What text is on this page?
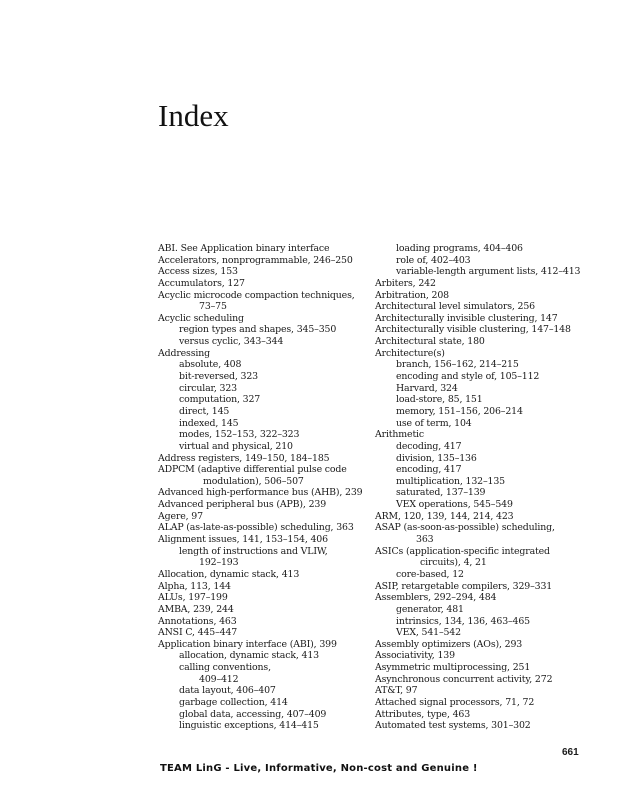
Index
ABI. See Application binary interface
Accelerators, nonprogrammable, 246–250
Access sizes, 153
Accumulators, 127
Acyclic microcode compaction techniques,
73–75
Acyclic scheduling
region types and shapes, 345–350
versus cyclic, 343–344
Addressing
absolute, 408
bit-reversed, 323
circular, 323
computation, 327
direct, 145
indexed, 145
modes, 152–153, 322–323
virtual and physical, 210
Address registers, 149–150, 184–185
ADPCM (adaptive differential pulse code
modulation), 506–507
Advanced high-performance bus (AHB), 239
Advanced peripheral bus (APB), 239
Agere, 97
ALAP (as-late-as-possible) scheduling, 363
Alignment issues, 141, 153–154, 406
length of instructions and VLIW,
192–193
Allocation, dynamic stack, 413
Alpha, 113, 144
ALUs, 197–199
AMBA, 239, 244
Annotations, 463
ANSI C, 445–447
Application binary interface (ABI), 399
allocation, dynamic stack, 413
calling conventions,
409–412
data layout, 406–407
garbage collection, 414
global data, accessing, 407–409
linguistic exceptions, 414–415
loading programs, 404–406
role of, 402–403
variable-length argument lists, 412–413
Arbiters, 242
Arbitration, 208
Architectural level simulators, 256
Architecturally invisible clustering, 147
Architecturally visible clustering, 147–148
Architectural state, 180
Architecture(s)
branch, 156–162, 214–215
encoding and style of, 105–112
Harvard, 324
load-store, 85, 151
memory, 151–156, 206–214
use of term, 104
Arithmetic
decoding, 417
division, 135–136
encoding, 417
multiplication, 132–135
saturated, 137–139
VEX operations, 545–549
ARM, 120, 139, 144, 214, 423
ASAP (as-soon-as-possible) scheduling,
363
ASICs (application-specific integrated
circuits), 4, 21
core-based, 12
ASIP, retargetable compilers, 329–331
Assemblers, 292–294, 484
generator, 481
intrinsics, 134, 136, 463–465
VEX, 541–542
Assembly optimizers (AOs), 293
Associativity, 139
Asymmetric multiprocessing, 251
Asynchronous concurrent activity, 272
AT&T, 97
Attached signal processors, 71, 72
Attributes, type, 463
Automated test systems, 301–302
661
TEAM LinG - Live, Informative, Non-cost and Genuine !
